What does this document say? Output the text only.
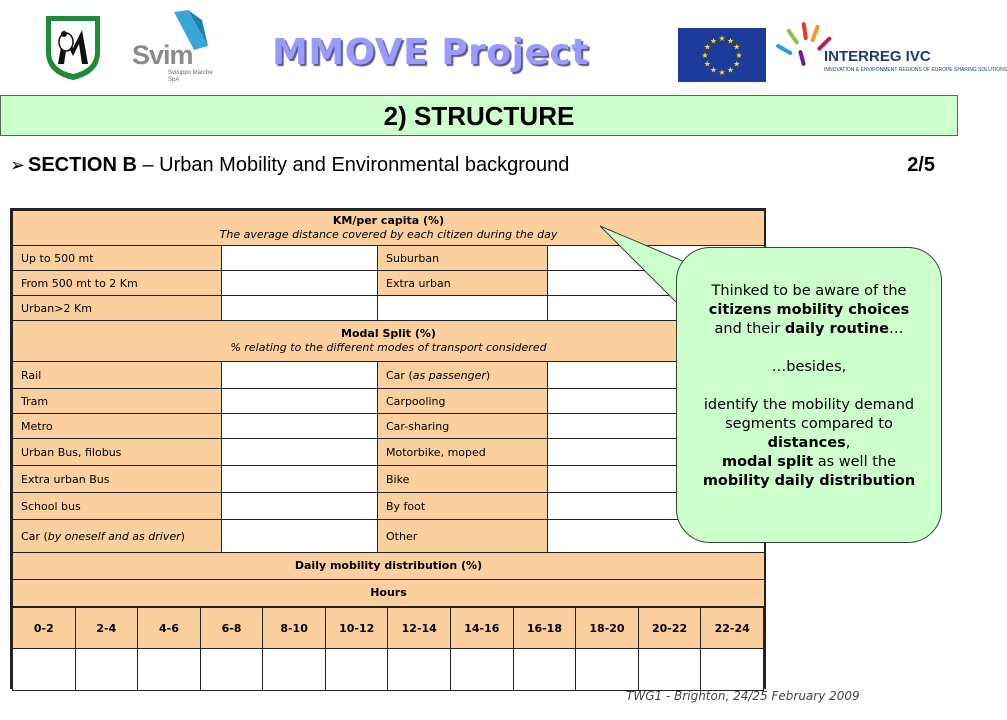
Svim
Sviluppo Marche SpA
MMOVE Project	★
★
★
★
★
★
★
★
★ ★ ★
★
INTERREG IVC
INNOVATION & ENVIRONMENT REGIONS OF EUROPE SHARING SOLUTIONS
2) STRUCTURE
➢ SECTION B – Urban Mobility and Environmental background	2/5
KM/per capita (%)
The average distance covered by each citizen during the day			
Up to 500 mt		Suburban	
From 500 mt to 2 Km		Extra urban	
Urban>2 Km			
Modal Split (%)
% relating to the different modes of transport considered			
Rail		Car (as passenger)	
Tram		Carpooling	
Metro		Car-sharing	
Urban Bus, filobus		Motorbike, moped	
Extra urban Bus		Bike	
School bus		By foot	
Car (by oneself and as driver)		Other	
Daily mobility distribution (%)			
Hours			
0-2	2-4	4-6	6-8	8-10	10-12	12-14	14-16	16-18	18-20	20-22	22-24

Thinked to be aware of the
citizens mobility choices
and their daily routine…
…besides,
identify the mobility demand segments compared to distances,
modal split as well the
mobility daily distribution
TWG1 - Brighton, 24/25 February 2009
